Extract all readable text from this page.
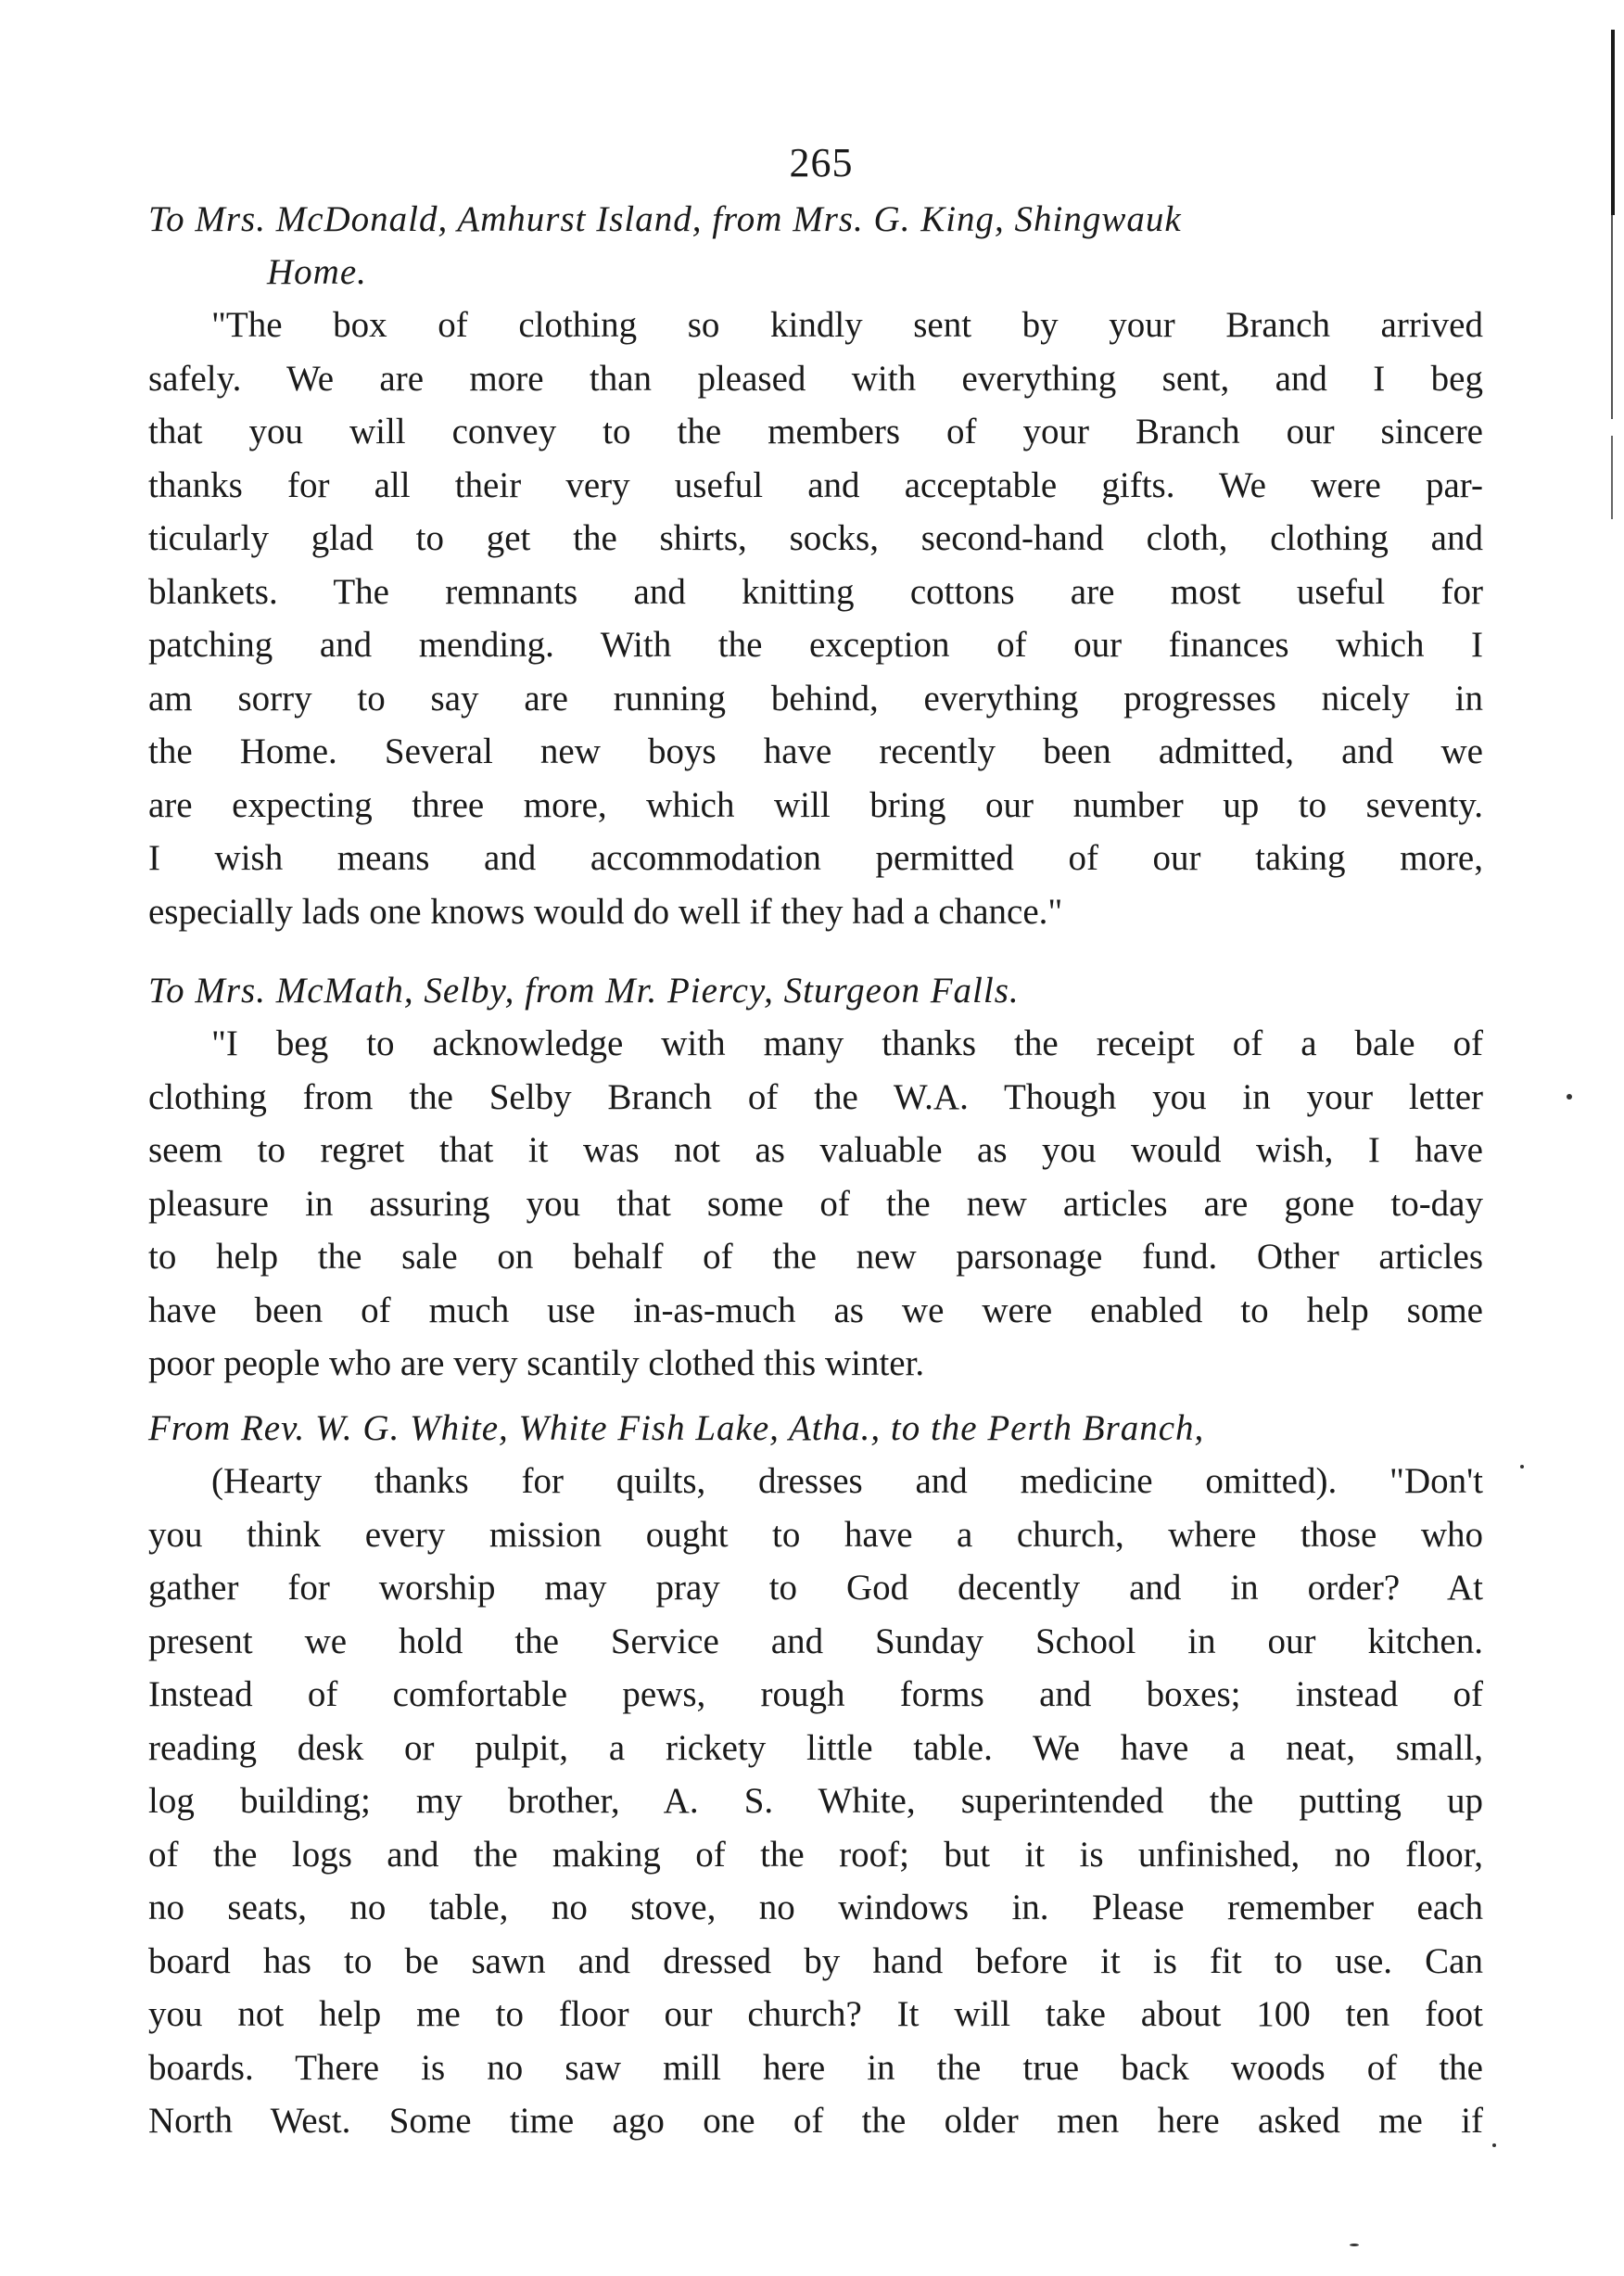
265

To Mrs. McDonald, Amhurst Island, from Mrs. G. King, Shingwauk
Home.

"The box of clothing so kindly sent by your Branch arrived
safely. We are more than pleased with everything sent, and I beg
that you will convey to the members of your Branch our sincere
thanks for all their very useful and acceptable gifts. We were par-
ticularly glad to get the shirts, socks, second-hand cloth, clothing and
blankets. The remnants and knitting cottons are most useful for
patching and mending. With the exception of our finances which I
am sorry to say are running behind, everything progresses nicely in
the Home. Several new boys have recently been admitted, and we
are expecting three more, which will bring our number up to seventy.
I wish means and accommodation permitted of our taking more,
especially lads one knows would do well if they had a chance."

To Mrs. McMath, Selby, from Mr. Piercy, Sturgeon Falls.

"I beg to acknowledge with many thanks the receipt of a bale of
clothing from the Selby Branch of the W.A. Though you in your letter
seem to regret that it was not as valuable as you would wish, I have
pleasure in assuring you that some of the new articles are gone to-day
to help the sale on behalf of the new parsonage fund. Other articles
have been of much use in-as-much as we were enabled to help some
poor people who are very scantily clothed this winter.

From Rev. W. G. White, White Fish Lake, Atha., to the Perth Branch,

(Hearty thanks for quilts, dresses and medicine omitted). "Don't
you think every mission ought to have a church, where those who
gather for worship may pray to God decently and in order? At
present we hold the Service and Sunday School in our kitchen.
Instead of comfortable pews, rough forms and boxes; instead of
reading desk or pulpit, a rickety little table. We have a neat, small,
log building; my brother, A. S. White, superintended the putting up
of the logs and the making of the roof; but it is unfinished, no floor,
no seats, no table, no stove, no windows in. Please remember each
board has to be sawn and dressed by hand before it is fit to use. Can
you not help me to floor our church? It will take about 100 ten foot
boards. There is no saw mill here in the true back woods of the
North West. Some time ago one of the older men here asked me if
